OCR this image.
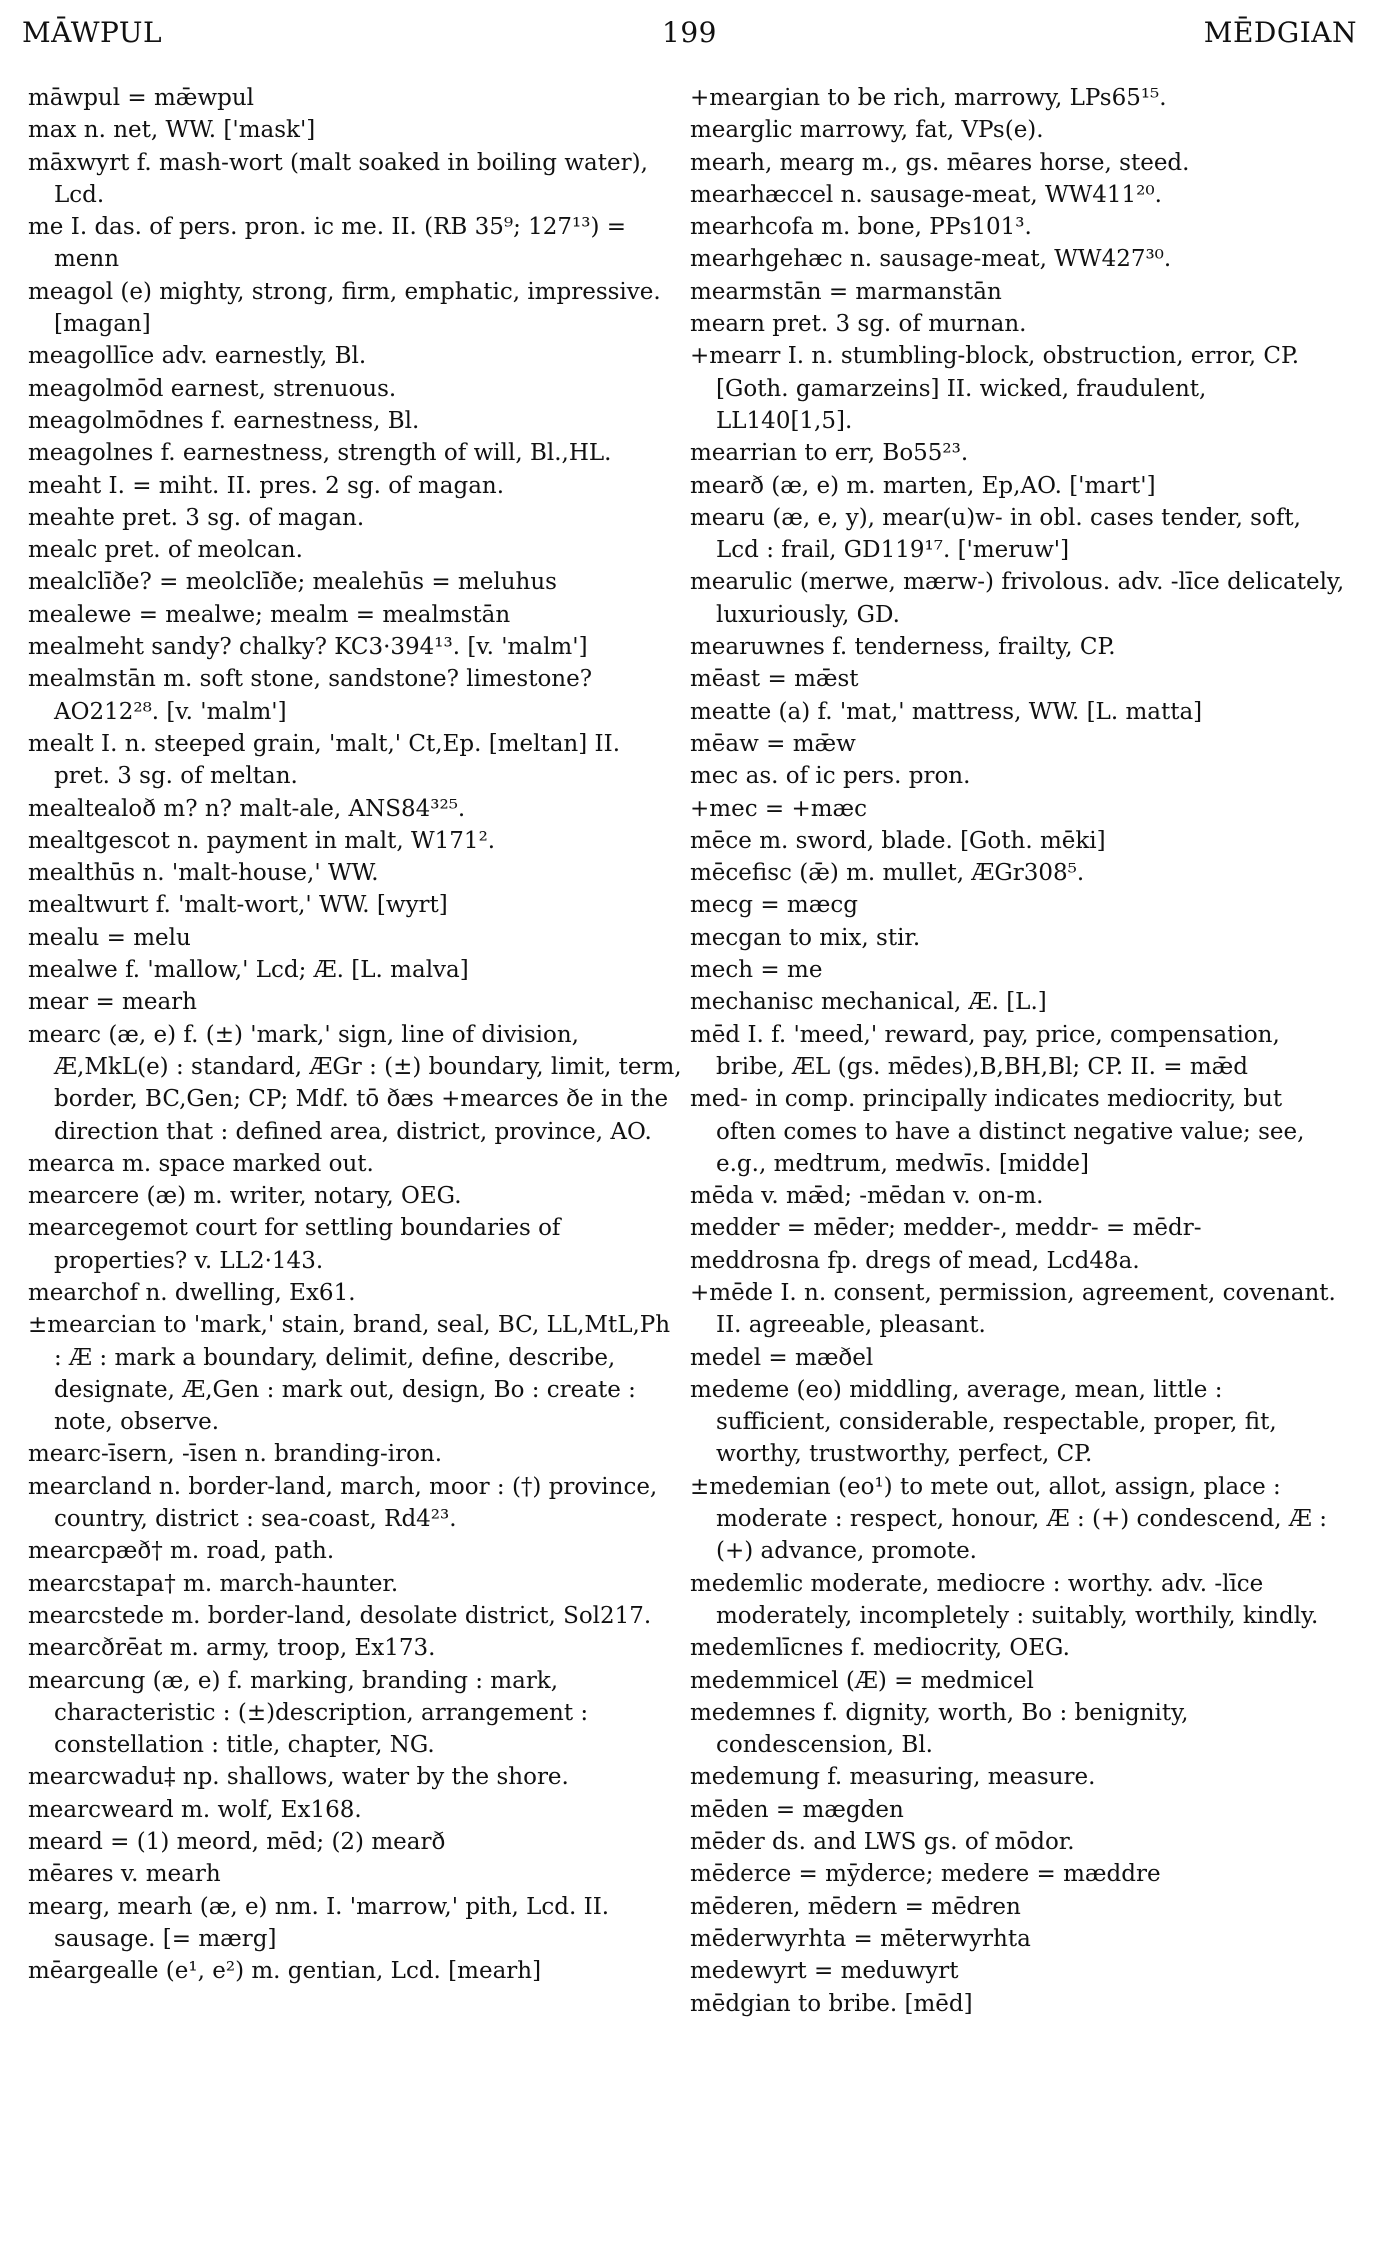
MĀWPUL	199	MĒDGIAN

māwpul = mǣwpul

max n. net, WW. ['mask']

māxwyrt f. mash-wort (malt soaked in boiling water), Lcd.

me I. das. of pers. pron. ic me. II. (RB 35⁹; 127¹³) = menn

meagol (e) mighty, strong, firm, emphatic, impressive. [magan]

meagollīce adv. earnestly, Bl.

meagolmōd earnest, strenuous.

meagolmōdnes f. earnestness, Bl.

meagolnes f. earnestness, strength of will, Bl.,HL.

meaht I. = miht. II. pres. 2 sg. of magan.

meahte pret. 3 sg. of magan.

mealc pret. of meolcan.

mealclīðe? = meolclīðe; mealehūs = meluhus

mealewe = mealwe; mealm = mealmstān

mealmeht sandy? chalky? KC3·394¹³. [v. 'malm']

mealmstān m. soft stone, sandstone? limestone? AO212²⁸. [v. 'malm']

mealt I. n. steeped grain, 'malt,' Ct,Ep. [meltan] II. pret. 3 sg. of meltan.

mealtealoð m? n? malt-ale, ANS84³²⁵.

mealtgescot n. payment in malt, W171².

mealthūs n. 'malt-house,' WW.

mealtwurt f. 'malt-wort,' WW. [wyrt]

mealu = melu

mealwe f. 'mallow,' Lcd; Æ. [L. malva]

mear = mearh

mearc (æ, e) f. (±) 'mark,' sign, line of division, Æ,MkL(e) : standard, ÆGr : (±) boundary, limit, term, border, BC,Gen; CP; Mdf. tō ðæs +mearces ðe in the direction that : defined area, district, province, AO.

mearca m. space marked out.

mearcere (æ) m. writer, notary, OEG.

mearcegemot court for settling boundaries of properties? v. LL2·143.

mearchof n. dwelling, Ex61.

±mearcian to 'mark,' stain, brand, seal, BC, LL,MtL,Ph : Æ : mark a boundary, delimit, define, describe, designate, Æ,Gen : mark out, design, Bo : create : note, observe.

mearc-īsern, -īsen n. branding-iron.

mearcland n. border-land, march, moor : (†) province, country, district : sea-coast, Rd4²³.

mearcpæð† m. road, path.

mearcstapa† m. march-haunter.

mearcstede m. border-land, desolate district, Sol217.

mearcðrēat m. army, troop, Ex173.

mearcung (æ, e) f. marking, branding : mark, characteristic : (±)description, arrangement : constellation : title, chapter, NG.

mearcwadu‡ np. shallows, water by the shore.

mearcweard m. wolf, Ex168.

meard = (1) meord, mēd; (2) mearð

mēares v. mearh

mearg, mearh (æ, e) nm. I. 'marrow,' pith, Lcd. II. sausage. [= mærg]

mēargealle (e¹, e²) m. gentian, Lcd. [mearh]

+meargian to be rich, marrowy, LPs65¹⁵.

mearglic marrowy, fat, VPs(e).

mearh, mearg m., gs. mēares horse, steed.

mearhæccel n. sausage-meat, WW411²⁰.

mearhcofa m. bone, PPs101³.

mearhgehæc n. sausage-meat, WW427³⁰.

mearmstān = marmanstān

mearn pret. 3 sg. of murnan.

+mearr I. n. stumbling-block, obstruction, error, CP. [Goth. gamarzeins] II. wicked, fraudulent, LL140[1,5].

mearrian to err, Bo55²³.

mearð (æ, e) m. marten, Ep,AO. ['mart']

mearu (æ, e, y), mear(u)w- in obl. cases tender, soft, Lcd : frail, GD119¹⁷. ['meruw']

mearulic (merwe, mærw-) frivolous. adv. -līce delicately, luxuriously, GD.

mearuwnes f. tenderness, frailty, CP.

mēast = mǣst

meatte (a) f. 'mat,' mattress, WW. [L. matta]

mēaw = mǣw

mec as. of ic pers. pron.

+mec = +mæc

mēce m. sword, blade. [Goth. mēki]

mēcefisc (ǣ) m. mullet, ÆGr308⁵.

mecg = mæcg

mecgan to mix, stir.

mech = me

mechanisc mechanical, Æ. [L.]

mēd I. f. 'meed,' reward, pay, price, compensation, bribe, ÆL (gs. mēdes),B,BH,Bl; CP. II. = mǣd

med- in comp. principally indicates mediocrity, but often comes to have a distinct negative value; see, e.g., medtrum, medwīs. [midde]

mēda v. mǣd; -mēdan v. on-m.

medder = mēder; medder-, meddr- = mēdr-

meddrosna fp. dregs of mead, Lcd48a.

+mēde I. n. consent, permission, agreement, covenant. II. agreeable, pleasant.

medel = mæðel

medeme (eo) middling, average, mean, little : sufficient, considerable, respectable, proper, fit, worthy, trustworthy, perfect, CP.

±medemian (eo¹) to mete out, allot, assign, place : moderate : respect, honour, Æ : (+) condescend, Æ : (+) advance, promote.

medemlic moderate, mediocre : worthy. adv. -līce moderately, incompletely : suitably, worthily, kindly.

medemlīcnes f. mediocrity, OEG.

medemmicel (Æ) = medmicel

medemnes f. dignity, worth, Bo : benignity, condescension, Bl.

medemung f. measuring, measure.

mēden = mægden

mēder ds. and LWS gs. of mōdor.

mēderce = mȳderce; medere = mæddre

mēderen, mēdern = mēdren

mēderwyrhta = mēterwyrhta

medewyrt = meduwyrt

mēdgian to bribe. [mēd]
